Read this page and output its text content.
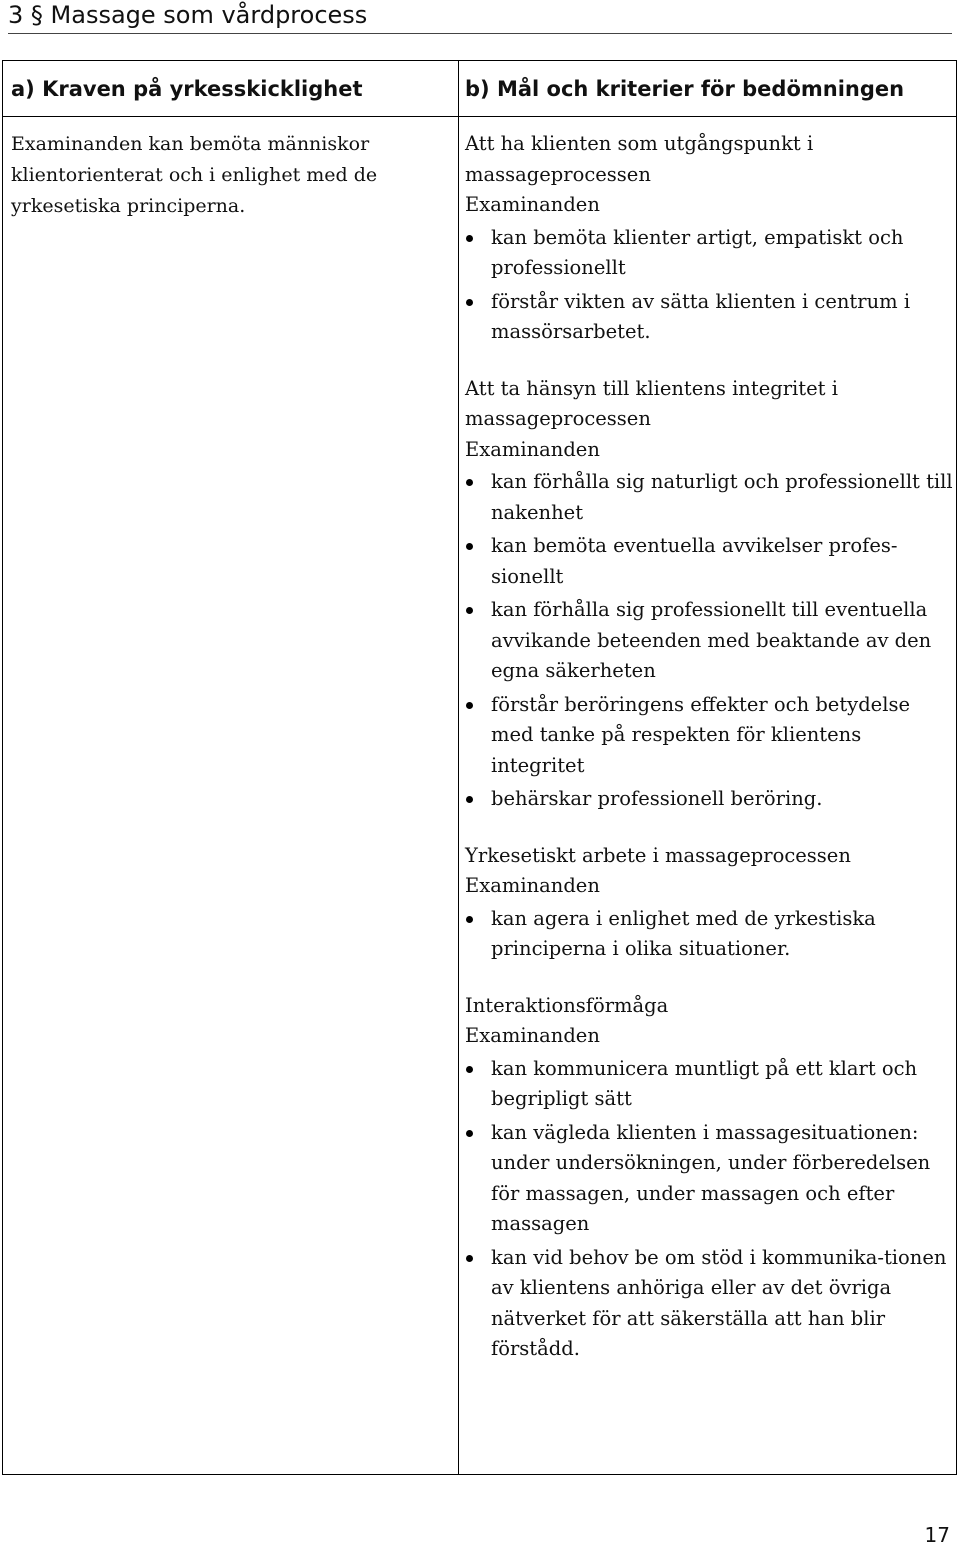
3 § Massage som vårdprocess
a) Kraven på yrkesskicklighet	b) Mål och kriterier för bedömningen
Examinanden kan bemöta människor klientorienterat och i enlighet med de yrkesetiska principerna.

Att ha klienten som utgångspunkt i massageprocessen

Examinanden

kan bemöta klienter artigt, empatiskt och professionellt
förstår vikten av sätta klienten i centrum i massörsarbetet.

Att ta hänsyn till klientens integritet i massageprocessen

Examinanden

kan förhålla sig naturligt och professionellt till nakenhet
kan bemöta eventuella avvikelser profes-sionellt
kan förhålla sig professionellt till eventuella avvikande beteenden med beaktande av den egna säkerheten
förstår beröringens effekter och betydelse med tanke på respekten för klientens integritet
behärskar professionell beröring.

Yrkesetiskt arbete i massageprocessen

Examinanden

kan agera i enlighet med de yrkestiska principerna i olika situationer.

Interaktionsförmåga

Examinanden

kan kommunicera muntligt på ett klart och begripligt sätt
kan vägleda klienten i massagesituationen: under undersökningen, under förberedelsen för massagen, under massagen och efter massagen
kan vid behov be om stöd i kommunika-tionen av klientens anhöriga eller av det övriga nätverket för att säkerställa att han blir förstådd.
17
